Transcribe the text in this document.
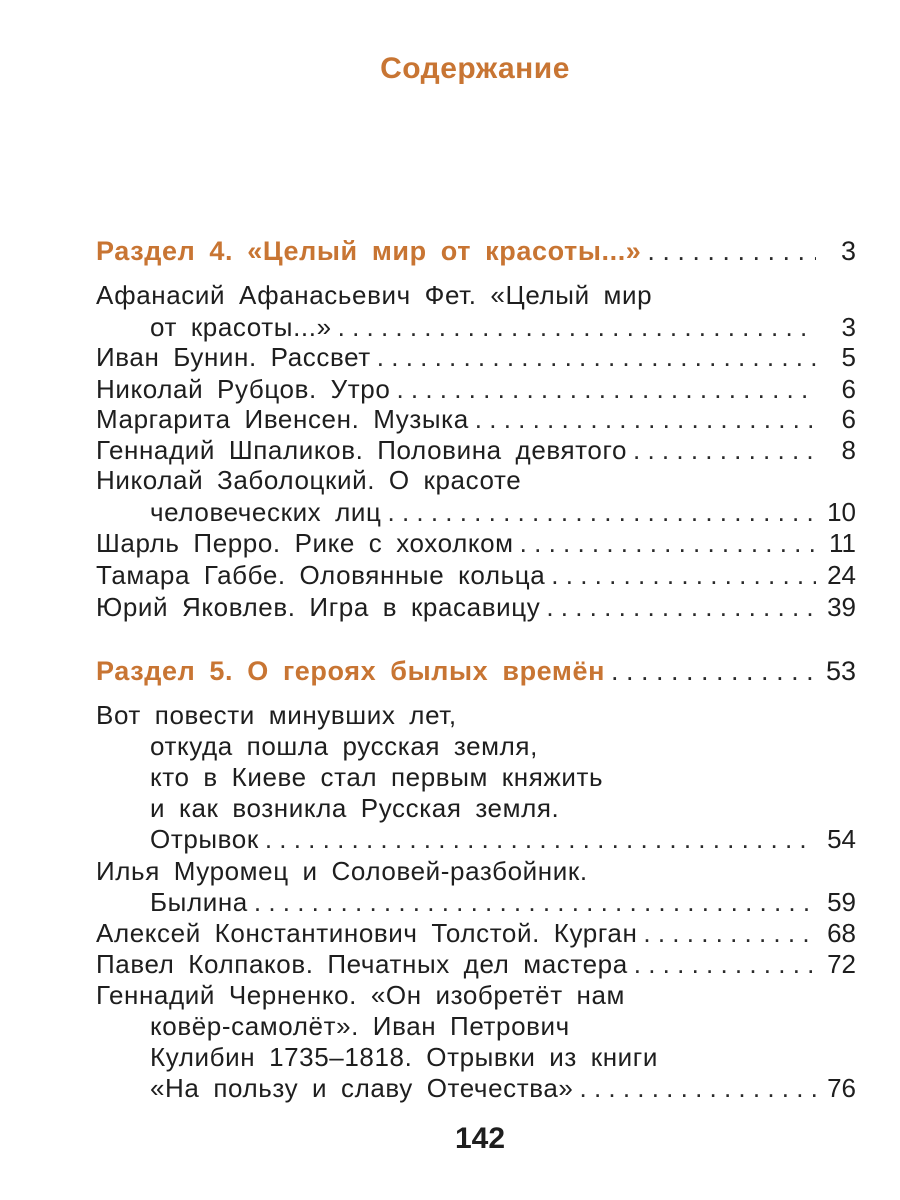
Содержание
Раздел 4. «Целый мир от красоты...» . . .	3
Афанасий Афанасьевич Фет. «Целый мир
от красоты...» . . .	3
Иван Бунин. Рассвет . . .	5
Николай Рубцов. Утро . . .	6
Маргарита Ивенсен. Музыка . . .	6
Геннадий Шпаликов. Половина девятого . . .	8
Николай Заболоцкий. О красоте
человеческих лиц . . .	10
Шарль Перро. Рике с хохолком . . .	11
Тамара Габбе. Оловянные кольца . . .	24
Юрий Яковлев. Игра в красавицу . . .	39
Раздел 5. О героях былых времён . . .	53
Вот повести минувших лет,
откуда пошла русская земля,
кто в Киеве стал первым княжить
и как возникла Русская земля.
Отрывок . . .	54
Илья Муромец и Соловей-разбойник.
Былина . . .	59
Алексей Константинович Толстой. Курган . . .	68
Павел Колпаков. Печатных дел мастера . . .	72
Геннадий Черненко. «Он изобретёт нам
ковёр-самолёт». Иван Петрович
Кулибин 1735–1818. Отрывки из книги
«На пользу и славу Отечества» . . .	76
142
